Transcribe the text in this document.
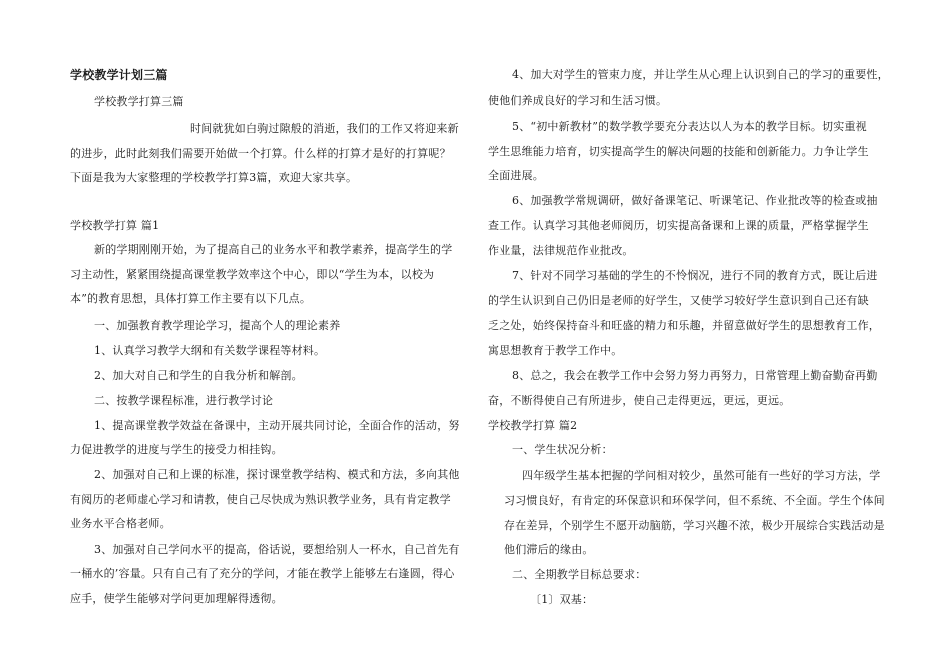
学校教学计划三篇
学校教学打算三篇
时间就犹如白驹过隙般的消逝，我们的工作又将迎来新
的进步，此时此刻我们需要开始做一个打算。什么样的打算才是好的打算呢？
下面是我为大家整理的学校教学打算3篇，欢迎大家共享。
学校教学打算 篇1
新的学期刚刚开始，为了提高自己的业务水平和教学素养，提高学生的学
习主动性，紧紧围绕提高课堂教学效率这个中心，即以“学生为本，以校为
本”的教育思想，具体打算工作主要有以下几点。
一、加强教育教学理论学习，提高个人的理论素养
1、认真学习教学大纲和有关数学课程等材料。
2、加大对自己和学生的自我分析和解剖。
二、按教学课程标准，进行教学讨论
1、提高课堂教学效益在备课中，主动开展共同讨论，全面合作的活动，努
力促进教学的进度与学生的接受力相挂钩。
2、加强对自己和上课的标准，探讨课堂教学结构、模式和方法，多向其他
有阅历的老师虚心学习和请教，使自己尽快成为熟识教学业务，具有肯定教学
业务水平合格老师。
3、加强对自己学问水平的提高，俗话说，要想给别人一杯水，自己首先有
一桶水的’容量。只有自己有了充分的学问，才能在教学上能够左右逢圆，得心
应手，使学生能够对学问更加理解得透彻。
4、加大对学生的管束力度，并让学生从心理上认识到自己的学习的重要性，
使他们养成良好的学习和生活习惯。
5、“初中新教材”的数学教学要充分表达以人为本的教学目标。切实重视
学生思维能力培育，切实提高学生的解决问题的技能和创新能力。力争让学生
全面进展。
6、加强教学常规调研，做好备课笔记、听课笔记、作业批改等的检查或抽
查工作。认真学习其他老师阅历，切实提高备课和上课的质量，严格掌握学生
作业量，法律规范作业批改。
7、针对不同学习基础的学生的不怜悯况，进行不同的教育方式，既让后进
的学生认识到自己仍旧是老师的好学生，又使学习较好学生意识到自己还有缺
乏之处，始终保持奋斗和旺盛的精力和乐趣，并留意做好学生的思想教育工作，
寓思想教育于教学工作中。
8、总之，我会在教学工作中会努力努力再努力，日常管理上勤奋勤奋再勤
奋，不断得使自己有所进步，使自己走得更远，更远，更远。
学校教学打算 篇2
一、学生状况分析：
四年级学生基本把握的学问相对较少，虽然可能有一些好的学习方法，学
习习惯良好，有肯定的环保意识和环保学问，但不系统、不全面。学生个体间
存在差异，个别学生不愿开动脑筋，学习兴趣不浓，极少开展综合实践活动是
他们滞后的缘由。
二、全期教学目标总要求：
〔1〕双基：
